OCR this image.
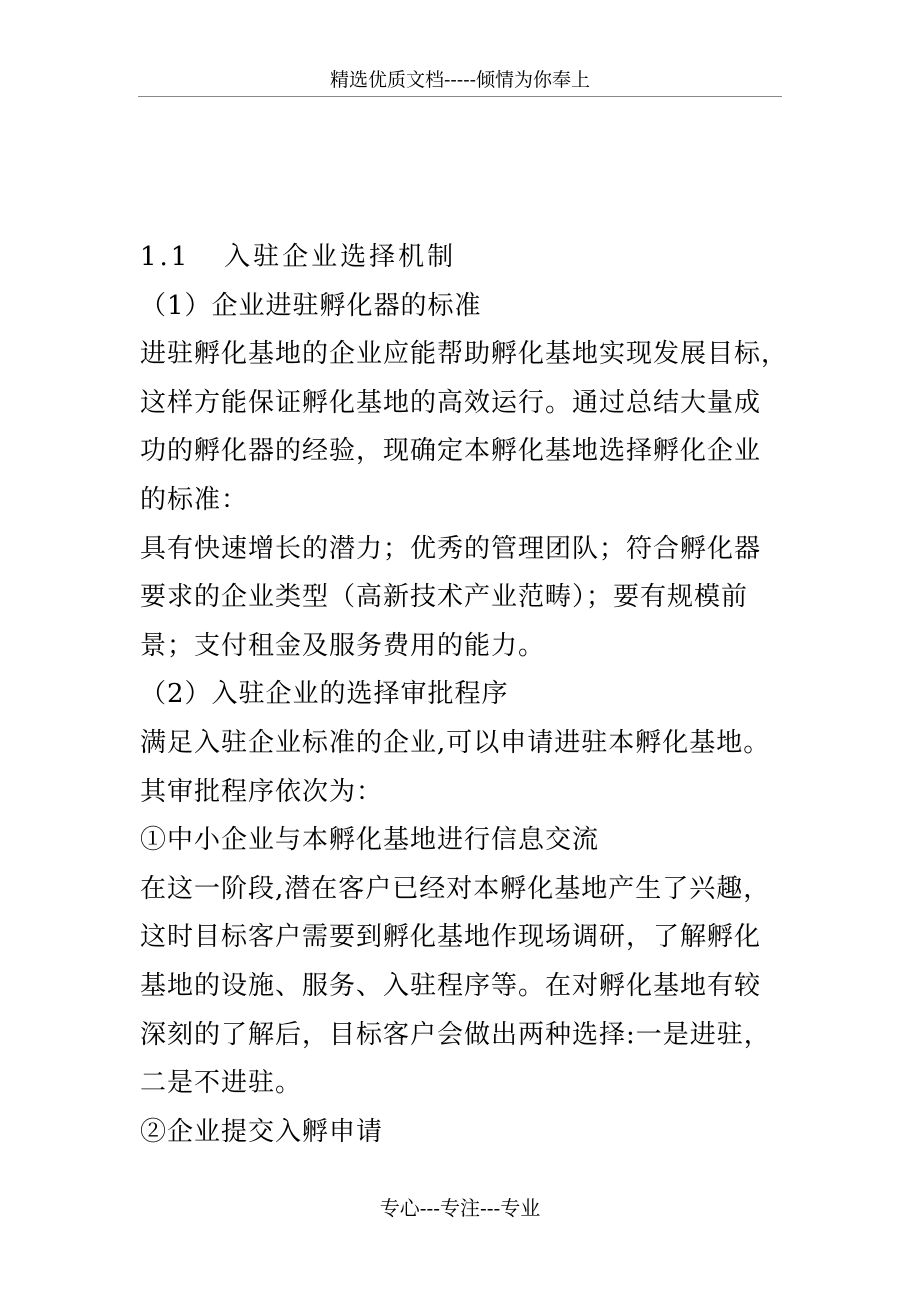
精选优质文档-----倾情为你奉上

1.1   入驻企业选择机制

（1）企业进驻孵化器的标准

进驻孵化基地的企业应能帮助孵化基地实现发展目标，

这样方能保证孵化基地的高效运行。通过总结大量成

功的孵化器的经验，现确定本孵化基地选择孵化企业

的标准：

具有快速增长的潜力；优秀的管理团队；符合孵化器

要求的企业类型（高新技术产业范畴）；要有规模前

景；支付租金及服务费用的能力。

（2）入驻企业的选择审批程序

满足入驻企业标准的企业,可以申请进驻本孵化基地。

其审批程序依次为：

①中小企业与本孵化基地进行信息交流

在这一阶段,潜在客户已经对本孵化基地产生了兴趣，

这时目标客户需要到孵化基地作现场调研，了解孵化

基地的设施、服务、入驻程序等。在对孵化基地有较

深刻的了解后，目标客户会做出两种选择:一是进驻，

二是不进驻。

②企业提交入孵申请

专心---专注---专业
